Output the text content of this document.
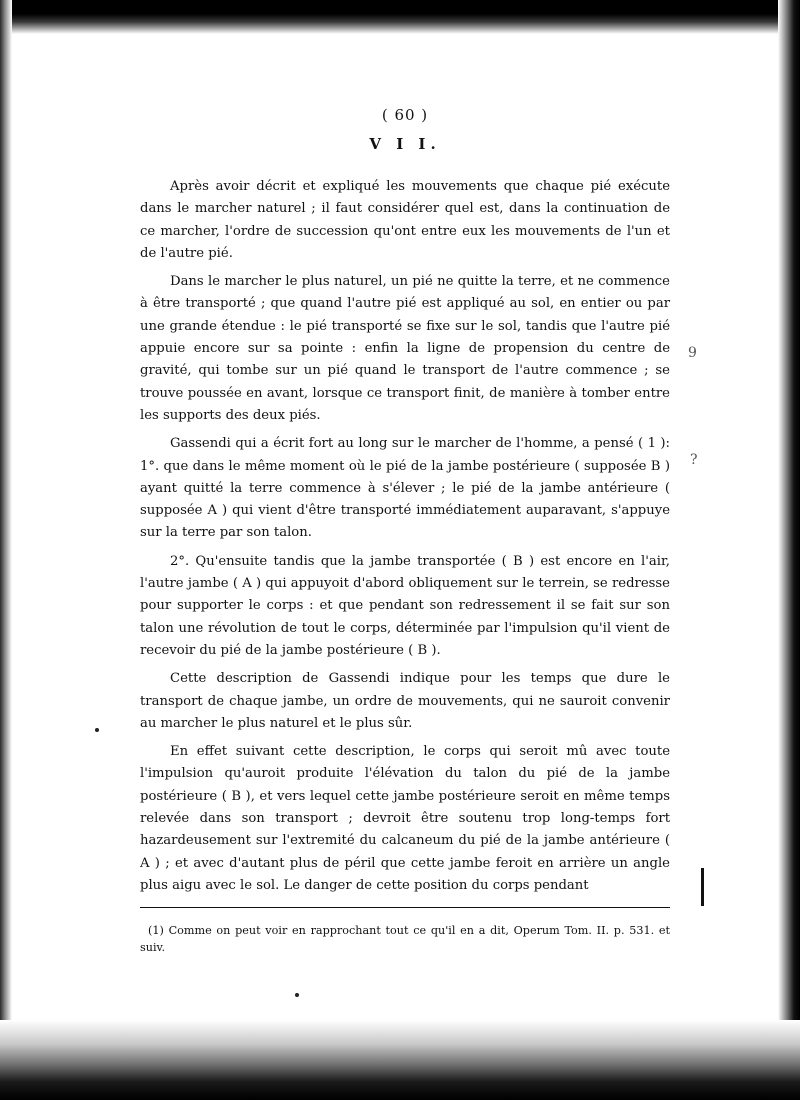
( 60 )

V I I.

Après avoir décrit et expliqué les mouvements que chaque pié exécute dans le marcher naturel ; il faut considérer quel est, dans la continuation de ce marcher, l'ordre de succession qu'ont entre eux les mouvements de l'un et de l'autre pié.

Dans le marcher le plus naturel, un pié ne quitte la terre, et ne commence à être transporté ; que quand l'autre pié est appliqué au sol, en entier ou par une grande étendue : le pié transporté se fixe sur le sol, tandis que l'autre pié appuie encore sur sa pointe : enfin la ligne de propension du centre de gravité, qui tombe sur un pié quand le transport de l'autre commence ; se trouve poussée en avant, lorsque ce transport finit, de manière à tomber entre les supports des deux piés.

Gassendi qui a écrit fort au long sur le marcher de l'homme, a pensé ( 1 ): 1°. que dans le même moment où le pié de la jambe postérieure ( supposée B ) ayant quitté la terre commence à s'élever ; le pié de la jambe antérieure ( supposée A ) qui vient d'être transporté immédiatement auparavant, s'appuye sur la terre par son talon.

2°. Qu'ensuite tandis que la jambe transportée ( B ) est encore en l'air, l'autre jambe ( A ) qui appuyoit d'abord obliquement sur le terrein, se redresse pour supporter le corps : et que pendant son redressement il se fait sur son talon une révolution de tout le corps, déterminée par l'impulsion qu'il vient de recevoir du pié de la jambe postérieure ( B ).

Cette description de Gassendi indique pour les temps que dure le transport de chaque jambe, un ordre de mouvements, qui ne sauroit convenir au marcher le plus naturel et le plus sûr.

En effet suivant cette description, le corps qui seroit mû avec toute l'impulsion qu'auroit produite l'élévation du talon du pié de la jambe postérieure ( B ), et vers lequel cette jambe postérieure seroit en même temps relevée dans son transport ; devroit être soutenu trop long-temps fort hazardeusement sur l'extremité du calcaneum du pié de la jambe antérieure ( A ) ; et avec d'autant plus de péril que cette jambe feroit en arrière un angle plus aigu avec le sol. Le danger de cette position du corps pendant

(1) Comme on peut voir en rapprochant tout ce qu'il en a dit, Operum Tom. II. p. 531. et suiv.

9
?
